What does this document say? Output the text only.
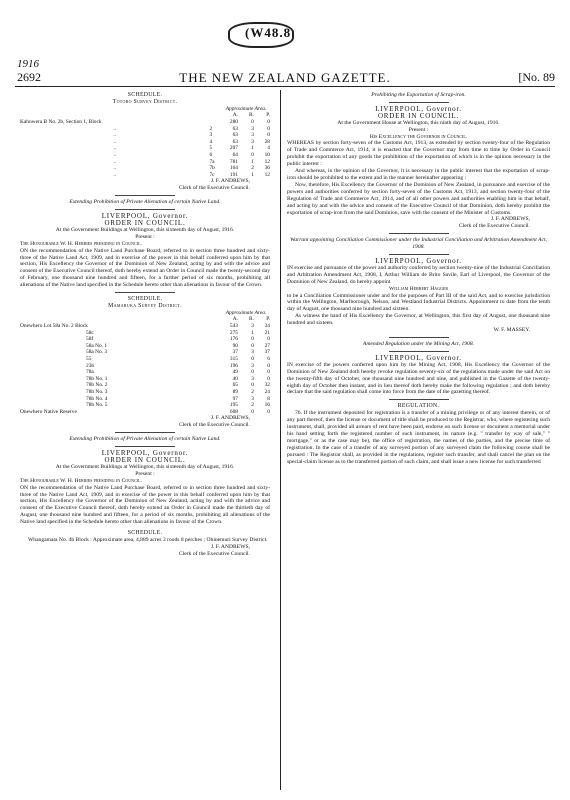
(W48.8
1916
2692	THE NEW ZEALAND GAZETTE.	[No. 89
SCHEDULE.
Totoro Survey District.
		Approximate Area.		
		A.	R.	P.
Kahuwera B No. 2b, Section 1, Block		280	0	0
..	2	63	3	0
..	3	63	3	0
..	4	63	3	28
..	5	207	1	4
..	6	64	0	10
..	7a	781	1	12
..	7b	164	2	36
..	7c	191	1	12
J. F. ANDREWS,
Clerk of the Executive Council.
Extending Prohibition of Private Alienation of certain Native Land.
LIVERPOOL, Governor.
ORDER IN COUNCIL.
At the Government Buildings at Wellington, this sixteenth day of August, 1916.
Present :
The Honourable W. H. Herries presiding in Council.

ON the recommendation of the Native Land Purchase Board, referred to in section three hundred and sixty-three of the Native Land Act, 1909, and in exercise of the power in this behalf conferred upon him by that section, His Excellency the Governor of the Dominion of New Zealand, acting by and with the advice and consent of the Executive Council thereof, doth hereby extend an Order in Council made the twenty-second day of February, one thousand nine hundred and fifteen, for a further period of six months, prohibiting all alienations of the Native land specified in the Schedule hereto other than alienations in favour of the Crown.

SCHEDULE.
Mamaruka Survey District.
	Approximate Area.		
	A.	R.	P.
Onewhero Lot 58a No. 2 Block	543	3	34
58c	275	1	21
58f	176	0	0
58a No. 1	90	0	27
58a No. 3	37	3	37
55	315	0	6
23b	196	3	0
78a	49	0	0
78b No. 1	40	3	0
78b No. 2	65	0	32
78b No. 3	89	2	24
78b No. 4	97	3	8
78b No. 5	195	2	16
Onewhero Native Reserve	608	0	0
J. F. ANDREWS,
Clerk of the Executive Council.
Extending Prohibition of Private Alienation of certain Native Land.
LIVERPOOL, Governor.
ORDER IN COUNCIL.
At the Government Buildings at Wellington, this sixteenth day of August, 1916.
Present :
The Honourable W. H. Herries presiding in Council.

ON the recommendation of the Native Land Purchase Board, referred to in section three hundred and sixty-three of the Native Land Act, 1909, and in exercise of the power in this behalf conferred upon him by that section, His Excellency the Governor of the Dominion of New Zealand, acting by and with the advice and consent of the Executive Council thereof, doth hereby extend an Order in Council made the thirtieth day of August, one thousand nine hundred and fifteen, for a period of six months, prohibiting all alienations of the Native land specified in the Schedule hereto other than alienations in favour of the Crown.

SCHEDULE.

Whangamata No. 4b Block : Approximate area, 4,889 acres 3 roods 8 perches ; Ohinemuri Survey District.

J. F. ANDREWS,
Clerk of the Executive Council.
Prohibiting the Exportation of Scrap-iron.
LIVERPOOL, Governor.
ORDER IN COUNCIL.
At the Government House at Wellington, this ninth day of August, 1916.
Present :
His Excellency the Governor in Council.

WHEREAS by section forty-seven of the Customs Act, 1913, as extended by section twenty-four of the Regulation of Trade and Commerce Act, 1914, it is enacted that the Governor may from time to time by Order in Council prohibit the exportation of any goods the prohibition of the exportation of which is in the opinion necessary in the public interest :

And whereas, in the opinion of the Governor, it is necessary in the public interest that the exportation of scrap-iron should be prohibited to the extent and in the manner hereinafter appearing :

Now, therefore, His Excellency the Governor of the Dominion of New Zealand, in pursuance and exercise of the powers and authorities conferred by section forty-seven of the Customs Act, 1913, and section twenty-four of the Regulation of Trade and Commerce Act, 1914, and of all other powers and authorities enabling him in that behalf, and acting by and with the advice and consent of the Executive Council of that Dominion, doth hereby prohibit the exportation of scrap-iron from the said Dominion, save with the consent of the Minister of Customs.

J. F. ANDREWS,
Clerk of the Executive Council.
Warrant appointing Conciliation Commissioner under the Industrial Conciliation and Arbitration Amendment Act, 1908.
LIVERPOOL, Governor.

IN exercise and pursuance of the power and authority conferred by section twenty-nine of the Industrial Conciliation and Arbitration Amendment Act, 1908, I, Arthur William de Brito Savile, Earl of Liverpool, the Governor of the Dominion of New Zealand, do hereby appoint

William Herbert Hagger

to be a Conciliation Commissioner under and for the purposes of Part III of the said Act, and to exercise jurisdiction within the Wellington, Marlborough, Nelson, and Westland Industrial Districts. Appointment to date from the tenth day of August, one thousand nine hundred and sixteen.

As witness the hand of His Excellency the Governor, at Wellington, this first day of August, one thousand nine hundred and sixteen.

W. F. MASSEY.
Amended Regulation under the Mining Act, 1908.
LIVERPOOL, Governor.

IN exercise of the powers conferred upon him by the Mining Act, 1908, His Excellency the Governor of the Dominion of New Zealand doth hereby revoke regulation seventy-six of the regulations made under the said Act on the twenty-fifth day of October, one thousand nine hundred and nine, and published in the Gazette of the twenty-eighth day of October then instant, and in lieu thereof doth hereby make the following regulation ; and doth hereby declare that the said regulation shall come into force from the date of the gazetting thereof.

REGULATION.

76. If the instrument deposited for registration is a transfer of a mining privilege or of any interest therein, or of any part thereof, then the license or document of title shall be produced to the Registrar, who, where registering such instrument, shall, provided all arrears of rent have been paid, endorse on such license or document a memorial under his hand setting forth the registered number of such instrument, its nature (e.g. " transfer by way of sale," " mortgage," or as the case may be), the office of registration, the names of the parties, and the precise time of registration. In the case of a transfer of any surveyed portion of any surveyed claim the following course shall be pursued : The Registrar shall, as provided in the regulations, register such transfer, and shall cancel the plan on the special-claim license as to the transferred portion of such claim, and shall issue a new license for such transferred
